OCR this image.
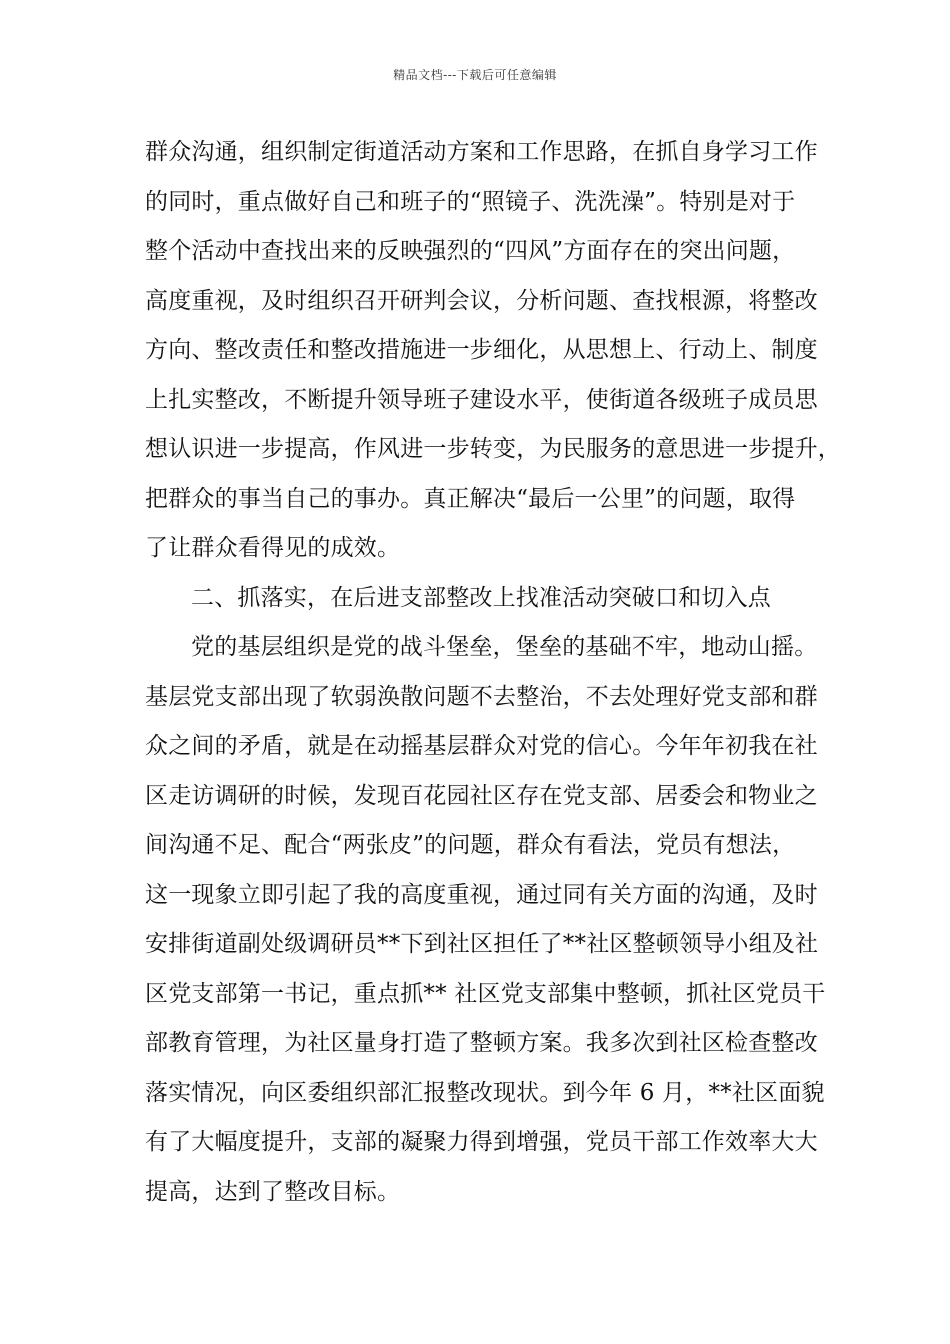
精品文档---下载后可任意编辑
群众沟通，组织制定街道活动方案和工作思路，在抓自身学习工作
的同时，重点做好自己和班子的“照镜子、洗洗澡”。特别是对于
整个活动中查找出来的反映强烈的“四风”方面存在的突出问题，
高度重视，及时组织召开研判会议，分析问题、查找根源，将整改
方向、整改责任和整改措施进一步细化，从思想上、行动上、制度
上扎实整改，不断提升领导班子建设水平，使街道各级班子成员思
想认识进一步提高，作风进一步转变，为民服务的意思进一步提升，
把群众的事当自己的事办。真正解决“最后一公里”的问题，取得
了让群众看得见的成效。
二、抓落实，在后进支部整改上找准活动突破口和切入点
党的基层组织是党的战斗堡垒，堡垒的基础不牢，地动山摇。
基层党支部出现了软弱涣散问题不去整治，不去处理好党支部和群
众之间的矛盾，就是在动摇基层群众对党的信心。今年年初我在社
区走访调研的时候，发现百花园社区存在党支部、居委会和物业之
间沟通不足、配合“两张皮”的问题，群众有看法，党员有想法，
这一现象立即引起了我的高度重视，通过同有关方面的沟通，及时
安排街道副处级调研员**下到社区担任了**社区整顿领导小组及社
区党支部第一书记，重点抓** 社区党支部集中整顿，抓社区党员干
部教育管理，为社区量身打造了整顿方案。我多次到社区检查整改
落实情况，向区委组织部汇报整改现状。到今年 6 月，**社区面貌
有了大幅度提升，支部的凝聚力得到增强，党员干部工作效率大大
提高，达到了整改目标。
